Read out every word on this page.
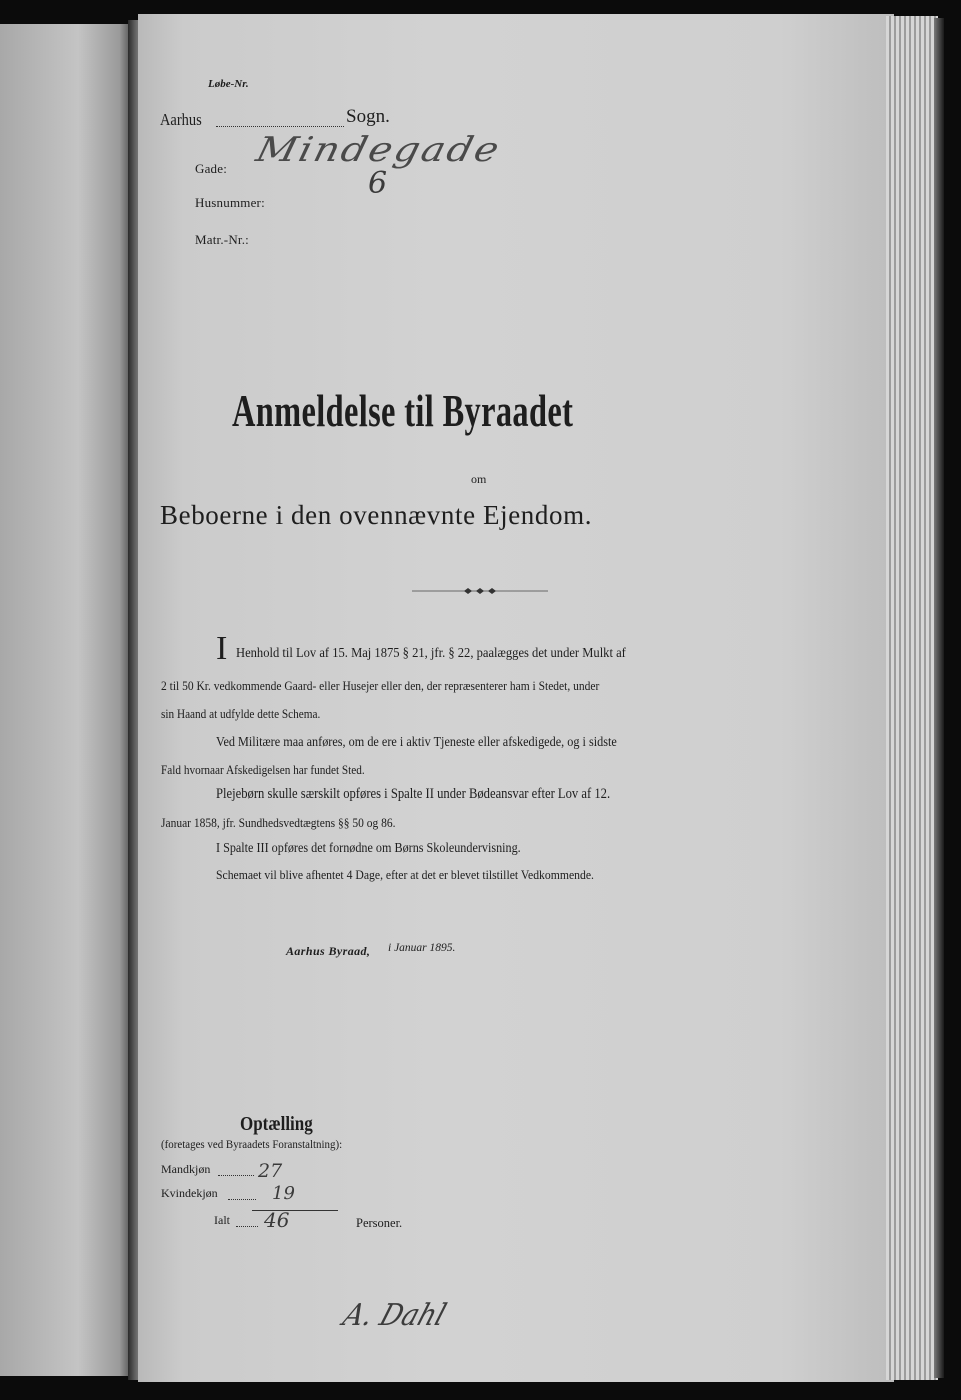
Løbe-Nr.
Aarhus	Sogn.
Gade: Mindegade
Husnummer:
6
Matr.-Nr.:
Anmeldelse til Byraadet
om
Beboerne i den ovennævnte Ejendom.
I Henhold til Lov af 15. Maj 1875 § 21, jfr. § 22, paalægges det under Mulkt af
2 til 50 Kr. vedkommende Gaard- eller Husejer eller den, der repræsenterer ham i Stedet, under
sin Haand at udfylde dette Schema.
Ved Militære maa anføres, om de ere i aktiv Tjeneste eller afskedigede, og i sidste
Fald hvornaar Afskedigelsen har fundet Sted.
Plejebørn skulle særskilt opføres i Spalte II under Bødeansvar efter Lov af 12.
Januar 1858, jfr. Sundhedsvedtægtens §§ 50 og 86.
I Spalte III opføres det fornødne om Børns Skoleundervisning.
Schemaet vil blive afhentet 4 Dage, efter at det er blevet tilstillet Vedkommende.
Aarhus Byraad, i Januar 1895.
Optælling
(foretages ved Byraadets Foranstaltning):
Mandkjøn	27
Kvindekjøn	19
Ialt 46	Personer.
A. Dahl
